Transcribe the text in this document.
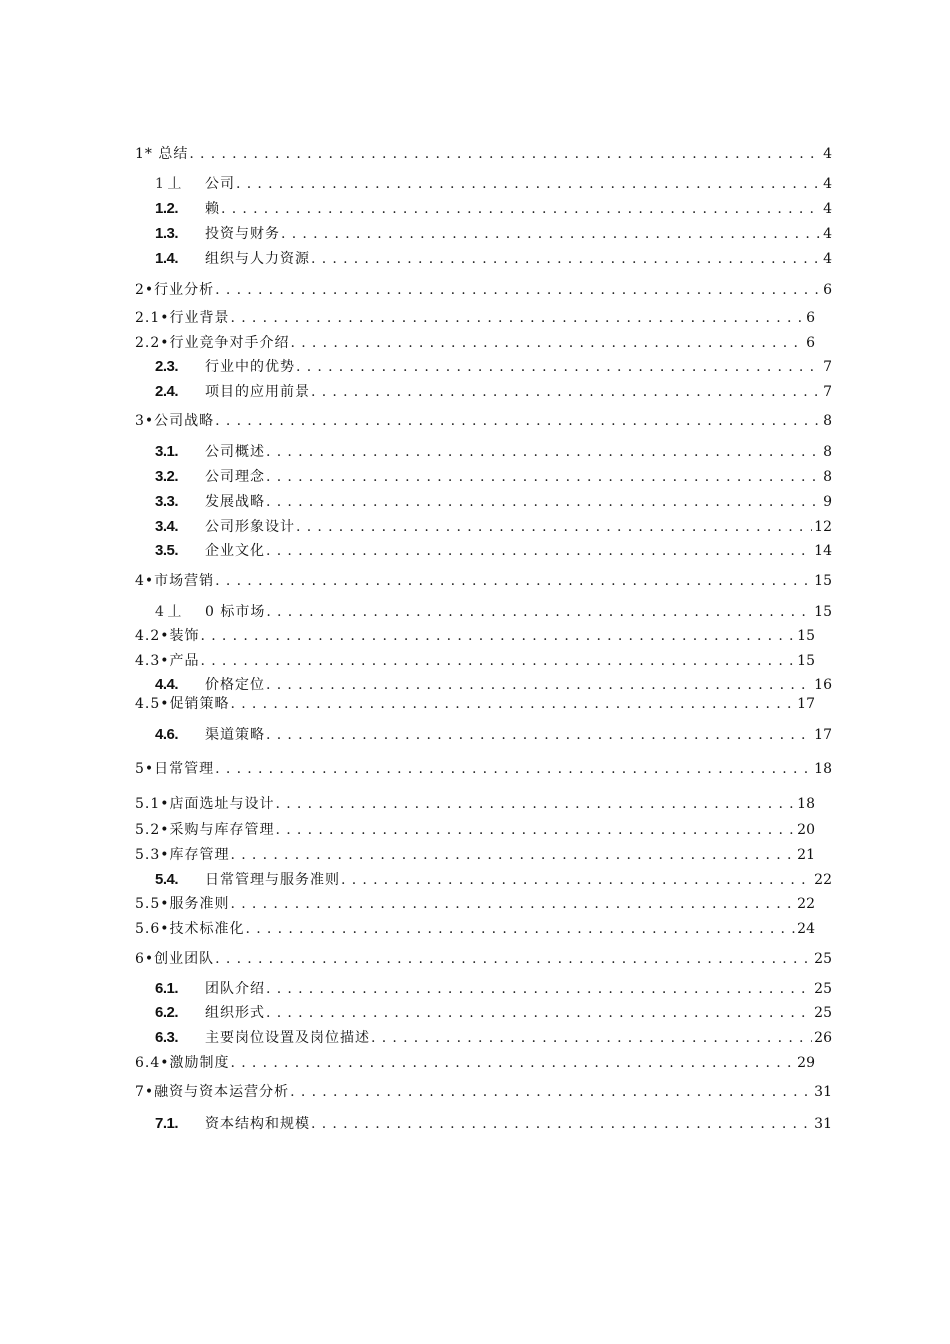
1* 总结 . . .	4
1 丄	公司 . . .	4
1.2.	赖 . . .	4
1.3.	投资与财务 . . .	4
1.4.	组织与人力资源 . . .	4
2•行业分析 . . .	6
2.1•行业背景 . . .	6
2.2•行业竞争对手介绍 . . .	6
2.3.	行业中的优势 . . .	7
2.4.	项目的应用前景 . . .	7
3•公司战略 . . .	8
3.1.	公司概述 . . .	8
3.2.	公司理念 . . .	8
3.3.	发展战略 . . .	9
3.4.	公司形象设计 . . .	12
3.5.	企业文化 . . .	14
4•市场营销 . . .	15
4 丄	0 标市场 . . .	15
4.2•装饰 . . .	15
4.3•产品 . . .	15
4.4.	价格定位 . . .	16
4.5•促销策略 . . .	17
4.6.	渠道策略 . . .	17
5•日常管理 . . .	18
5.1•店面选址与设计 . . .	18
5.2•采购与库存管理 . . .	20
5.3•库存管理 . . .	21
5.4.	日常管理与服务准则 . . .	22
5.5•服务准则 . . .	22
5.6•技术标准化 . . .	24
6•创业团队 . . .	25
6.1.	团队介绍 . . .	25
6.2.	组织形式 . . .	25
6.3.	主要岗位设置及岗位描述 . . .	26
6.4•激励制度 . . .	29
7•融资与资本运营分析 . . .	31
7.1.	资本结构和规模 . . .	31
